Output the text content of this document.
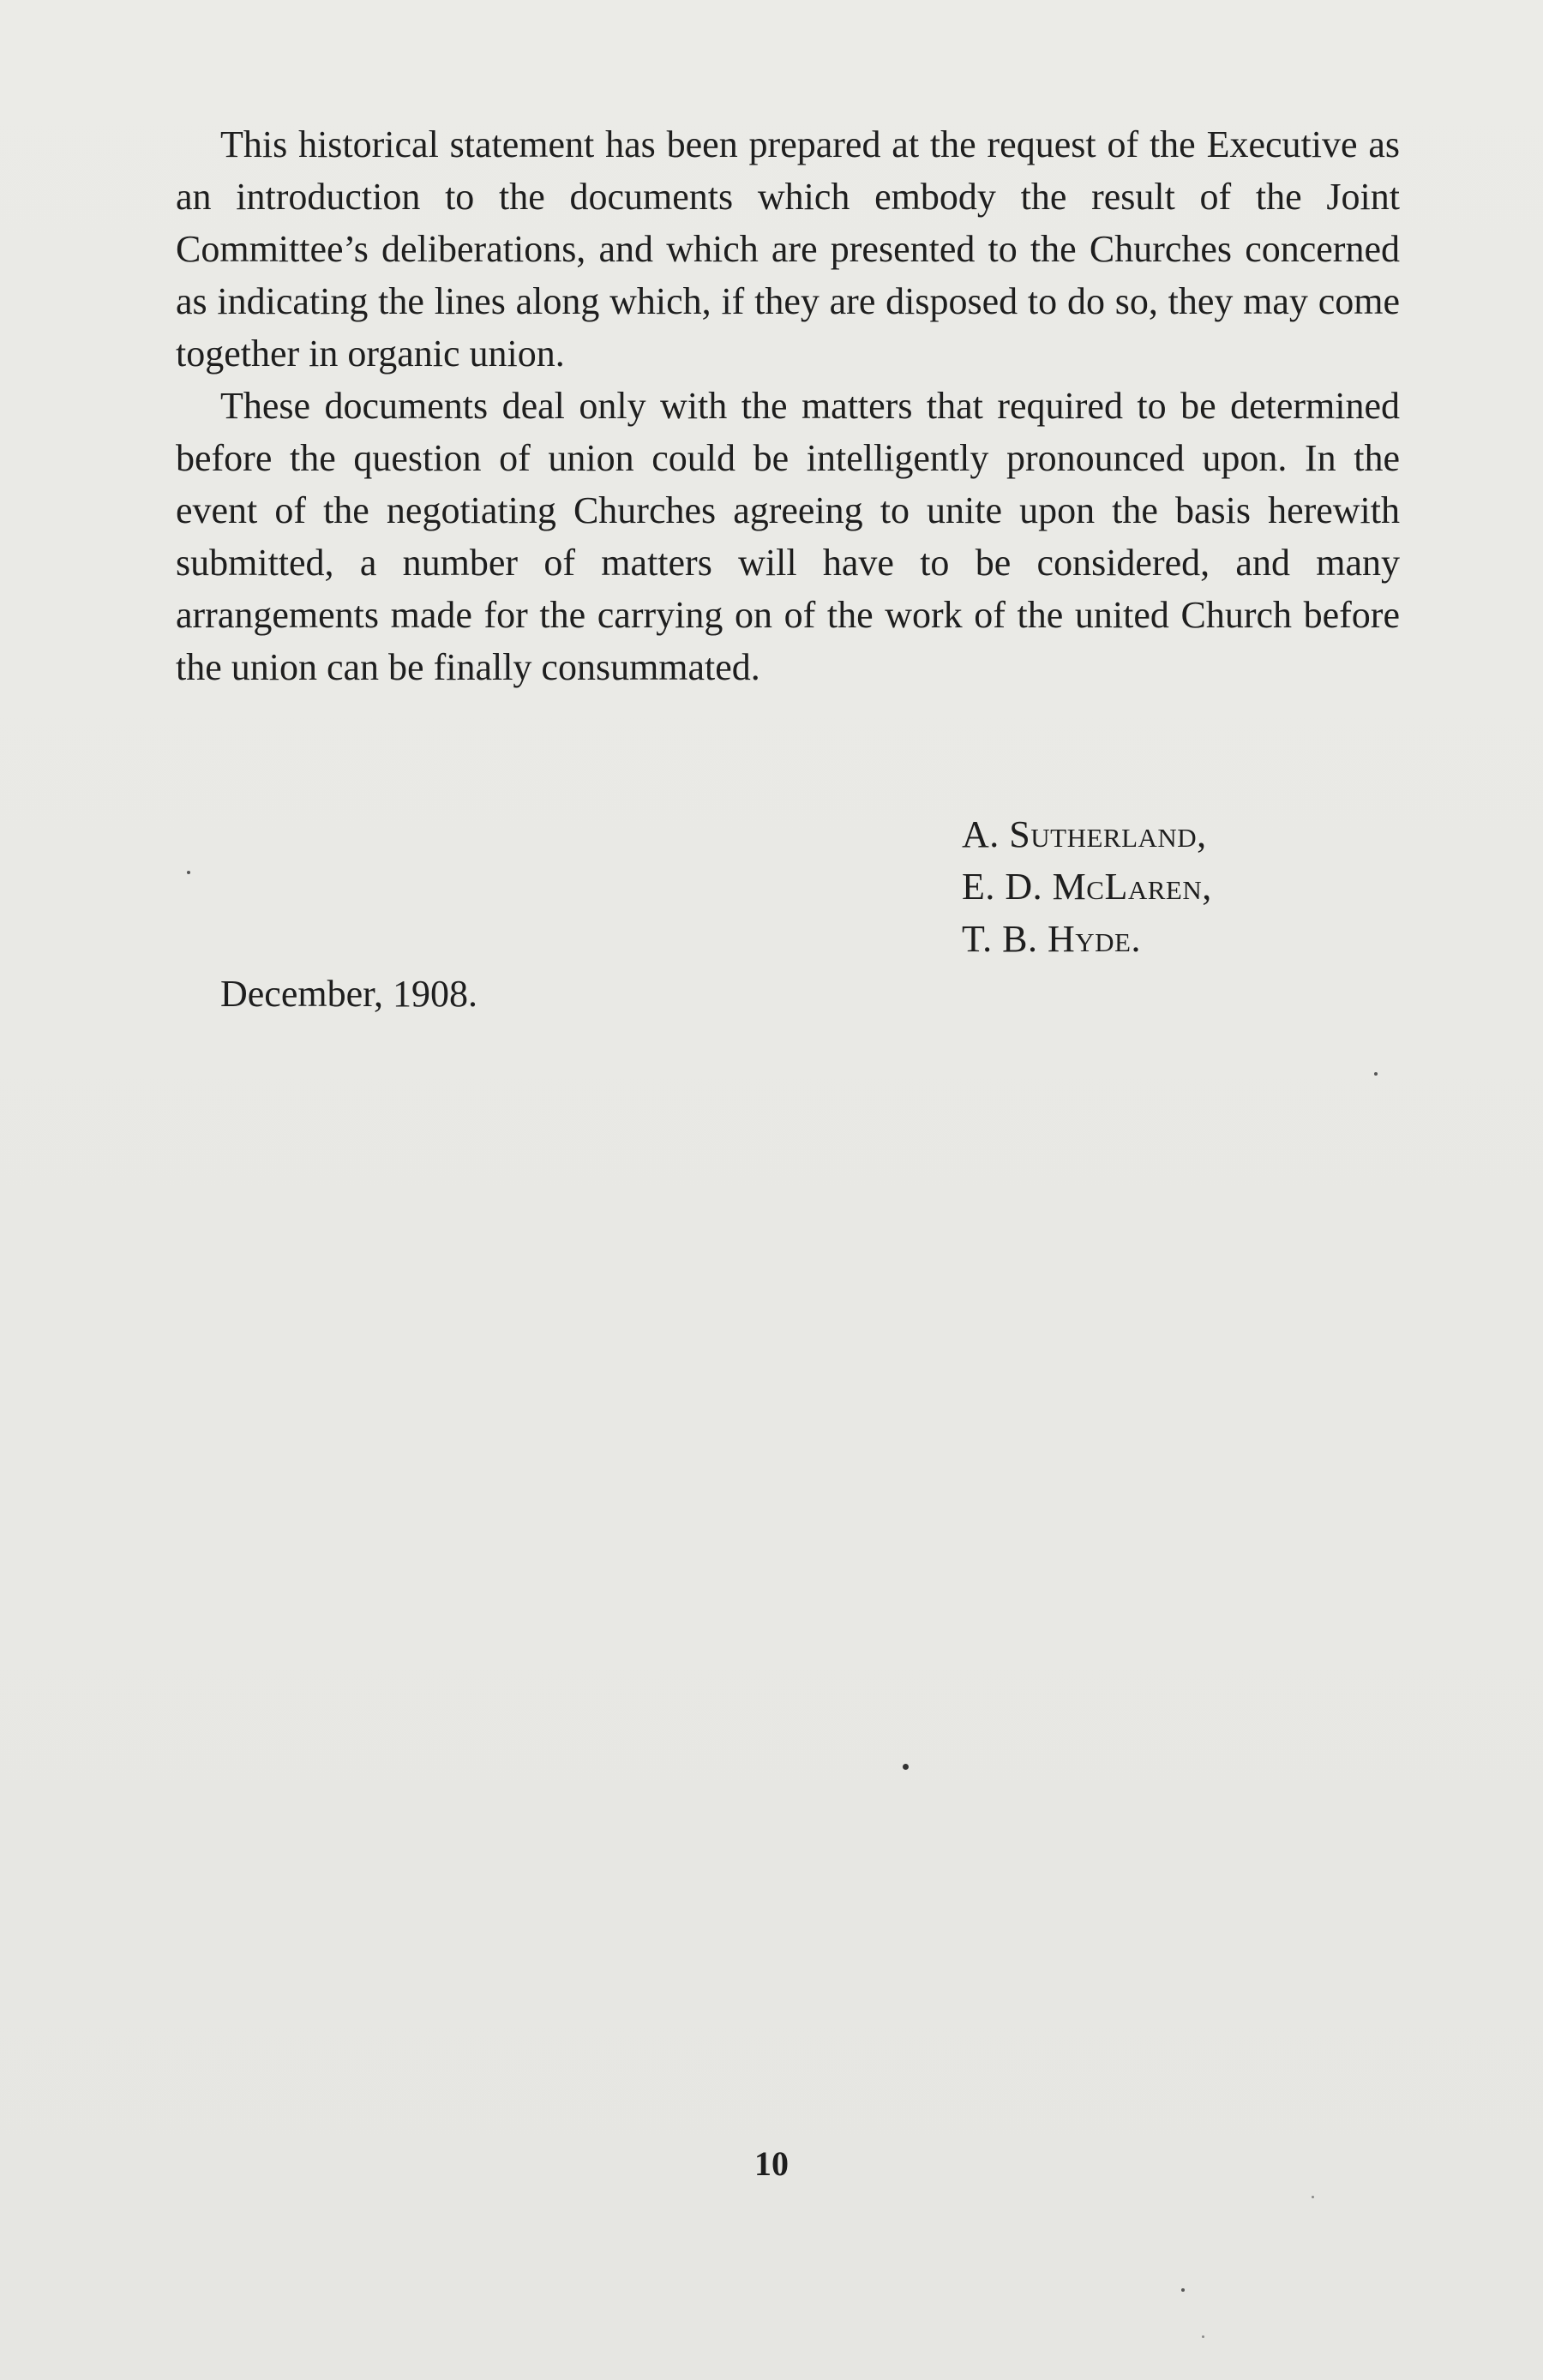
This historical statement has been prepared at the request of the Executive as an introduction to the documents which embody the result of the Joint Committee’s deliberations, and which are presented to the Churches concerned as indicating the lines along which, if they are disposed to do so, they may come together in organic union.

These documents deal only with the matters that required to be determined before the question of union could be intelligently pronounced upon. In the event of the negotiating Churches agreeing to unite upon the basis herewith submitted, a number of matters will have to be considered, and many arrangements made for the carrying on of the work of the united Church before the union can be finally consummated.

A. Sutherland,
E. D. McLaren,
T. B. Hyde.
December, 1908.
10
